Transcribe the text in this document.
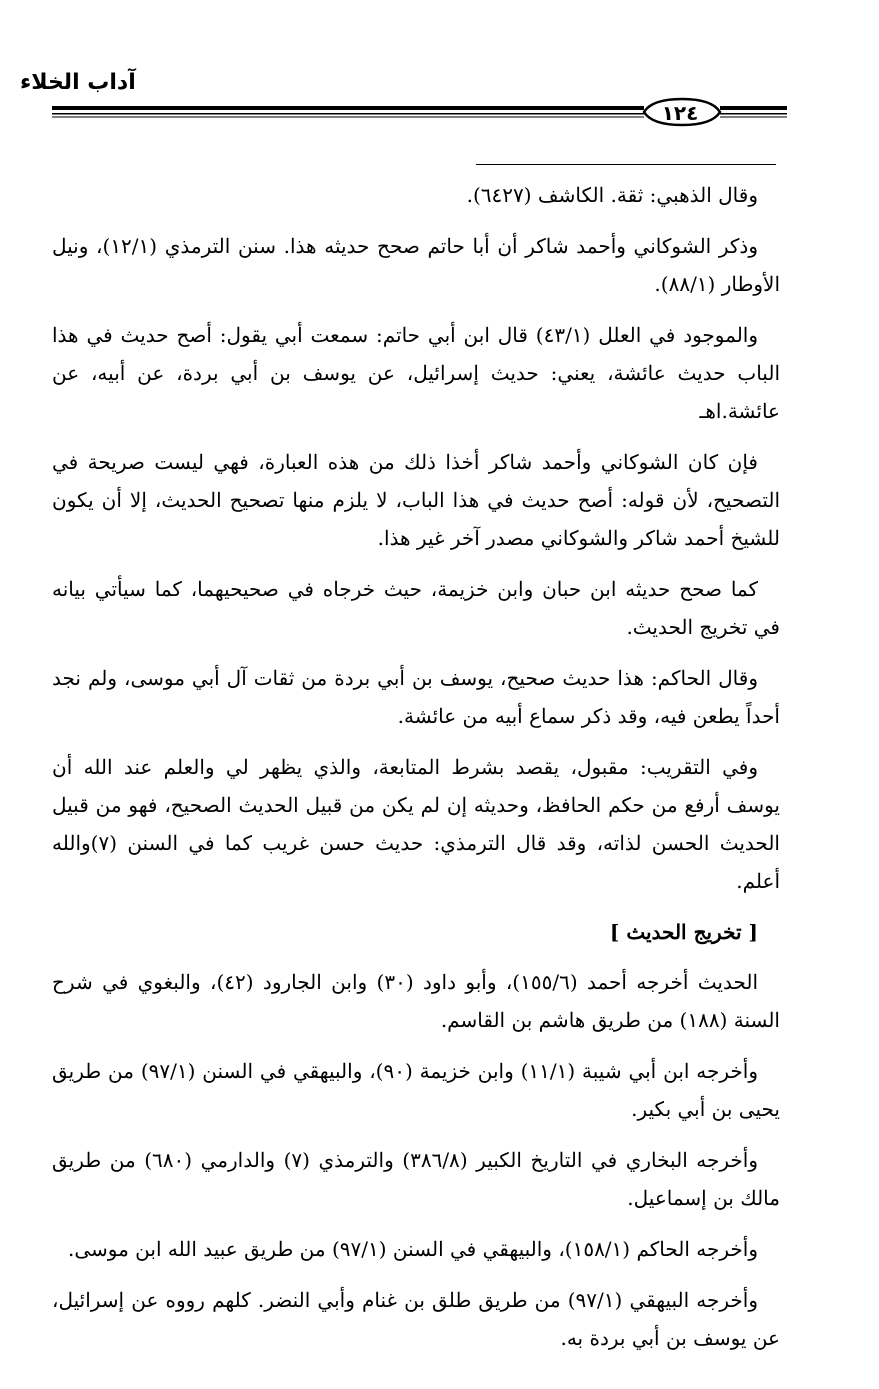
آداب الخلاء
١٢٤

وقال الذهبي: ثقة. الكاشف (٦٤٢٧).

وذكر الشوكاني وأحمد شاكر أن أبا حاتم صحح حديثه هذا. سنن الترمذي (١٢/١)، ونيل الأوطار (٨٨/١).

والموجود في العلل (٤٣/١) قال ابن أبي حاتم: سمعت أبي يقول: أصح حديث في هذا الباب حديث عائشة، يعني: حديث إسرائيل، عن يوسف بن أبي بردة، عن أبيه، عن عائشة.اهـ

فإن كان الشوكاني وأحمد شاكر أخذا ذلك من هذه العبارة، فهي ليست صريحة في التصحيح، لأن قوله: أصح حديث في هذا الباب، لا يلزم منها تصحيح الحديث، إلا أن يكون للشيخ أحمد شاكر والشوكاني مصدر آخر غير هذا.

كما صحح حديثه ابن حبان وابن خزيمة، حيث خرجاه في صحيحيهما، كما سيأتي بيانه في تخريج الحديث.

وقال الحاكم: هذا حديث صحيح، يوسف بن أبي بردة من ثقات آل أبي موسى، ولم نجد أحداً يطعن فيه، وقد ذكر سماع أبيه من عائشة.

وفي التقريب: مقبول، يقصد بشرط المتابعة، والذي يظهر لي والعلم عند الله أن يوسف أرفع من حكم الحافظ، وحديثه إن لم يكن من قبيل الحديث الصحيح، فهو من قبيل الحديث الحسن لذاته، وقد قال الترمذي: حديث حسن غريب كما في السنن (٧)والله أعلم.

[ تخريج الحديث ]

الحديث أخرجه أحمد (١٥٥/٦)، وأبو داود (٣٠) وابن الجارود (٤٢)، والبغوي في شرح السنة (١٨٨) من طريق هاشم بن القاسم.

وأخرجه ابن أبي شيبة (١١/١) وابن خزيمة (٩٠)، والبيهقي في السنن (٩٧/١) من طريق يحيى بن أبي بكير.

وأخرجه البخاري في التاريخ الكبير (٣٨٦/٨) والترمذي (٧) والدارمي (٦٨٠) من طريق مالك بن إسماعيل.

وأخرجه الحاكم (١٥٨/١)، والبيهقي في السنن (٩٧/١) من طريق عبيد الله ابن موسى.

وأخرجه البيهقي (٩٧/١) من طريق طلق بن غنام وأبي النضر. كلهم رووه عن إسرائيل، عن يوسف بن أبي بردة به.
